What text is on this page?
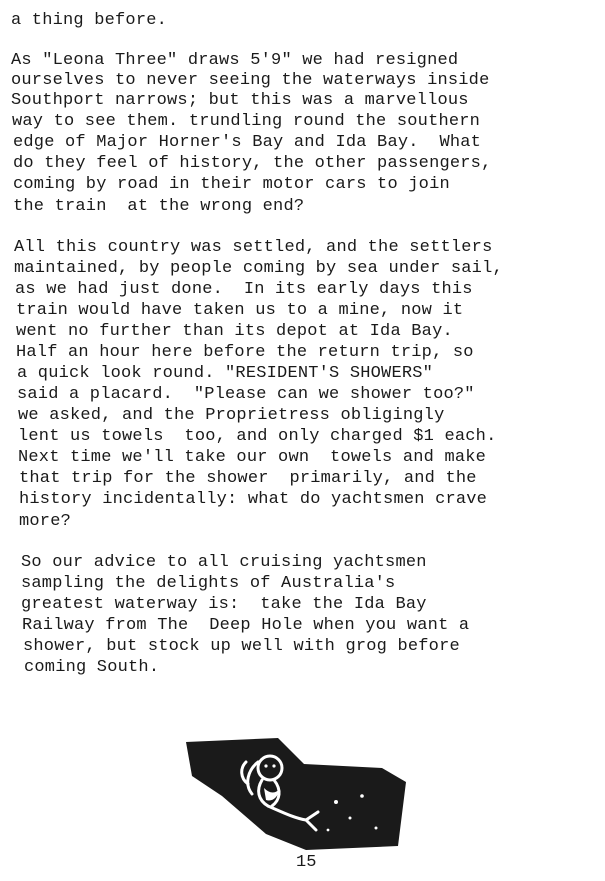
a thing before.
As "Leona Three" draws 5'9" we had resigned
ourselves to never seeing the waterways inside
Southport narrows; but this was a marvellous
way to see them. trundling round the southern
edge of Major Horner's Bay and Ida Bay.  What
do they feel of history, the other passengers,
coming by road in their motor cars to join
the train  at the wrong end?
All this country was settled, and the settlers
maintained, by people coming by sea under sail,
as we had just done.  In its early days this
train would have taken us to a mine, now it
went no further than its depot at Ida Bay.
Half an hour here before the return trip, so
a quick look round. "RESIDENT'S SHOWERS"
said a placard.  "Please can we shower too?"
we asked, and the Proprietress obligingly
lent us towels  too, and only charged $1 each.
Next time we'll take our own  towels and make
that trip for the shower  primarily, and the
history incidentally: what do yachtsmen crave
more?
So our advice to all cruising yachtsmen
sampling the delights of Australia's
greatest waterway is:  take the Ida Bay
Railway from The  Deep Hole when you want a
shower, but stock up well with grog before
coming South.
15
